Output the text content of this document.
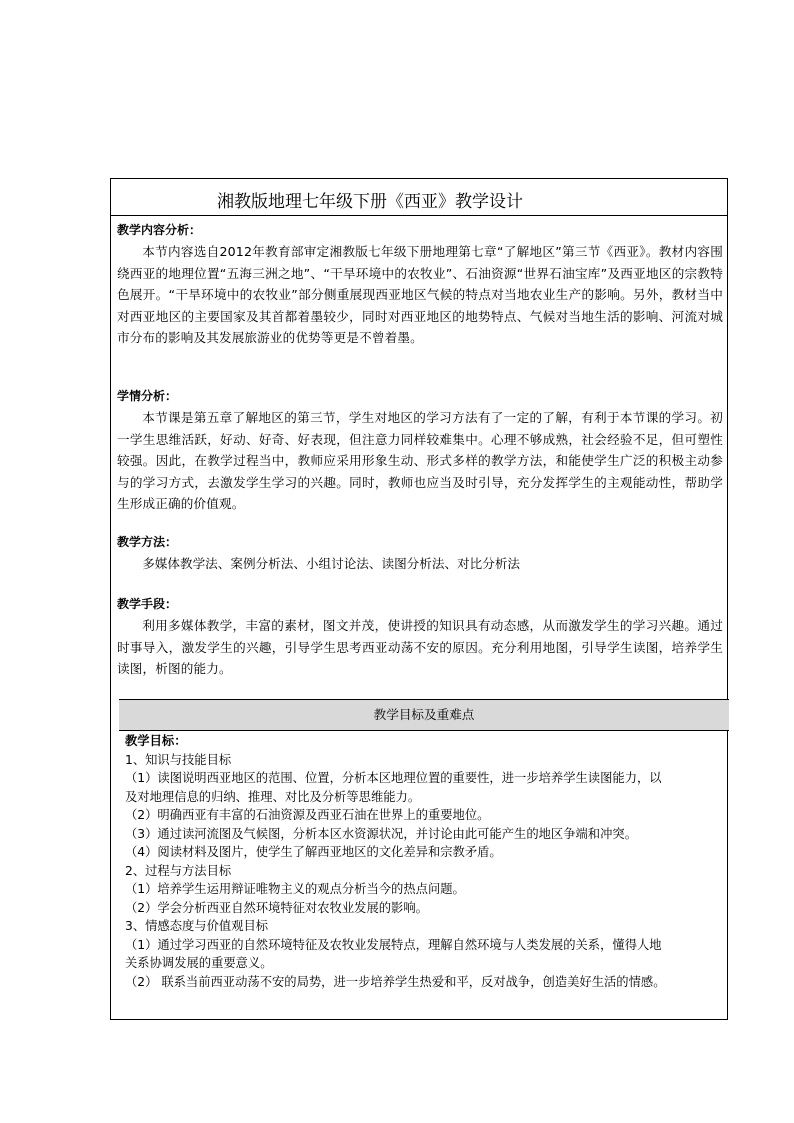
湘教版地理七年级下册《西亚》教学设计
教学内容分析：
本节内容选自2012年教育部审定湘教版七年级下册地理第七章“了解地区”第三节《西亚》。教材内容围绕西亚的地理位置“五海三洲之地”、“干旱环境中的农牧业”、石油资源“世界石油宝库”及西亚地区的宗教特色展开。“干旱环境中的农牧业”部分侧重展现西亚地区气候的特点对当地农业生产的影响。另外，教材当中对西亚地区的主要国家及其首都着墨较少，同时对西亚地区的地势特点、气候对当地生活的影响、河流对城市分布的影响及其发展旅游业的优势等更是不曾着墨。
学情分析：
本节课是第五章了解地区的第三节，学生对地区的学习方法有了一定的了解，有利于本节课的学习。初一学生思维活跃，好动、好奇、好表现，但注意力同样较难集中。心理不够成熟，社会经验不足，但可塑性较强。因此，在教学过程当中，教师应采用形象生动、形式多样的教学方法，和能使学生广泛的积极主动参与的学习方式，去激发学生学习的兴趣。同时，教师也应当及时引导，充分发挥学生的主观能动性，帮助学生形成正确的价值观。
教学方法：
多媒体教学法、案例分析法、小组讨论法、读图分析法、对比分析法
教学手段：
利用多媒体教学，丰富的素材，图文并茂，使讲授的知识具有动态感，从而激发学生的学习兴趣。通过时事导入，激发学生的兴趣，引导学生思考西亚动荡不安的原因。充分利用地图，引导学生读图，培养学生读图，析图的能力。
教学目标及重难点
教学目标：
1、知识与技能目标
（1）读图说明西亚地区的范围、位置，分析本区地理位置的重要性，进一步培养学生读图能力，以
及对地理信息的归纳、推理、对比及分析等思维能力。
（2）明确西亚有丰富的石油资源及西亚石油在世界上的重要地位。
（3）通过读河流图及气候图，分析本区水资源状况，并讨论由此可能产生的地区争端和冲突。
（4）阅读材料及图片，使学生了解西亚地区的文化差异和宗教矛盾。
2、过程与方法目标
（1）培养学生运用辩证唯物主义的观点分析当今的热点问题。
（2）学会分析西亚自然环境特征对农牧业发展的影响。
3、情感态度与价值观目标
（1）通过学习西亚的自然环境特征及农牧业发展特点，理解自然环境与人类发展的关系，懂得人地
关系协调发展的重要意义。
（2） 联系当前西亚动荡不安的局势，进一步培养学生热爱和平，反对战争，创造美好生活的情感。
